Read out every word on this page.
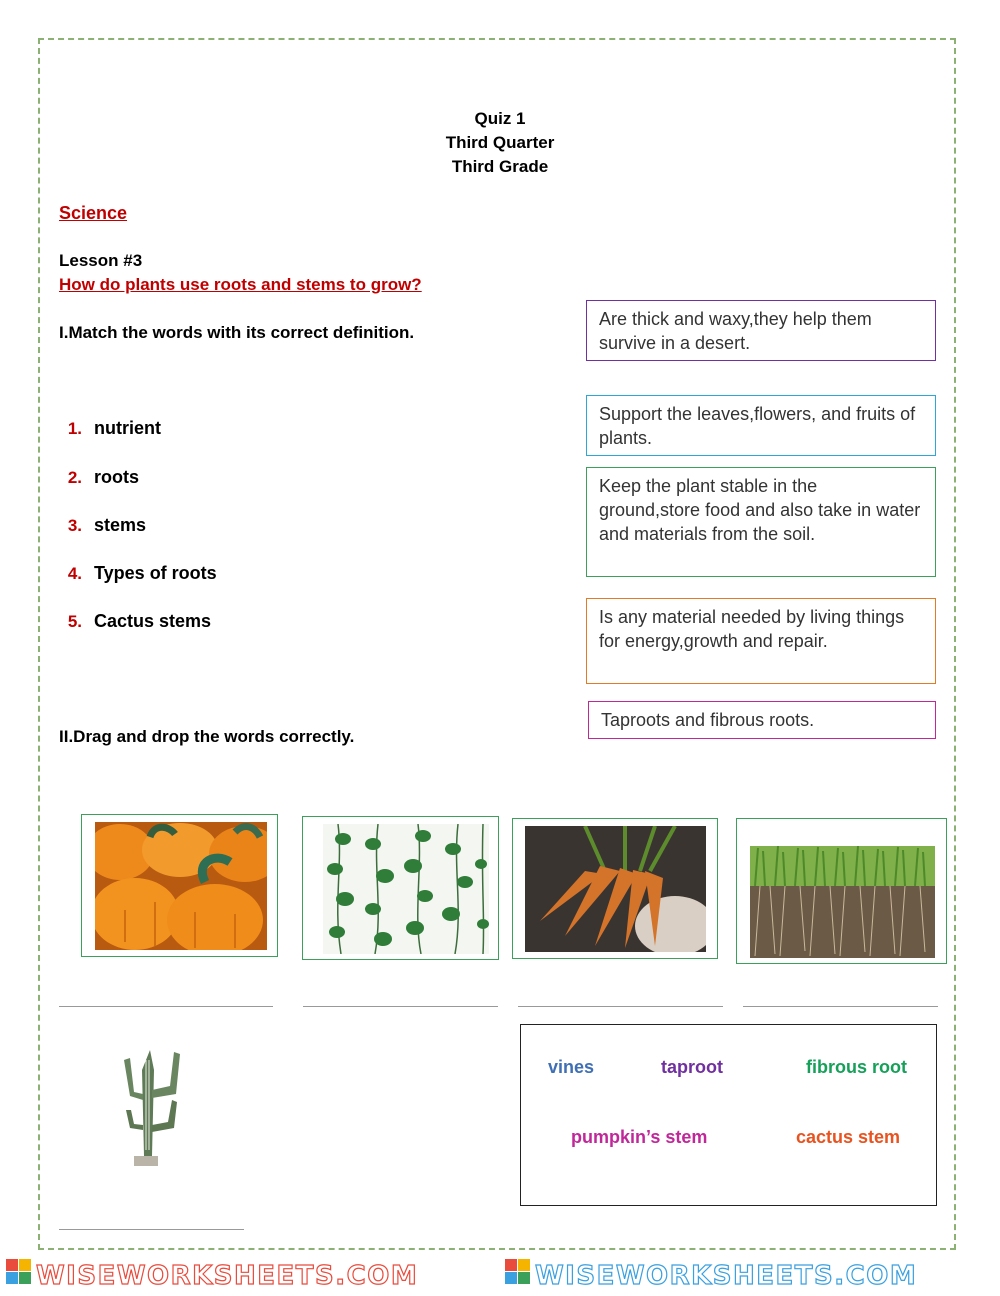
Quiz 1
Third Quarter
Third Grade
Science
Lesson #3
How do plants use roots and stems to grow?
I.Match the words with its correct definition.
1. nutrient
2. roots
3. stems
4. Types of roots
5. Cactus stems
Are thick and waxy,they help them survive in a desert.
Support the leaves,flowers, and fruits of plants.
Keep the plant stable in the ground,store food and also take in water and materials from the soil.
Is any material needed by living things for energy,growth and repair.
Taproots and fibrous roots.
II.Drag and drop the words correctly.
vines	taproot	fibrous root
pumpkin’s stem	cactus stem
WISEWORKSHEETS.COM	WISEWORKSHEETS.COM
